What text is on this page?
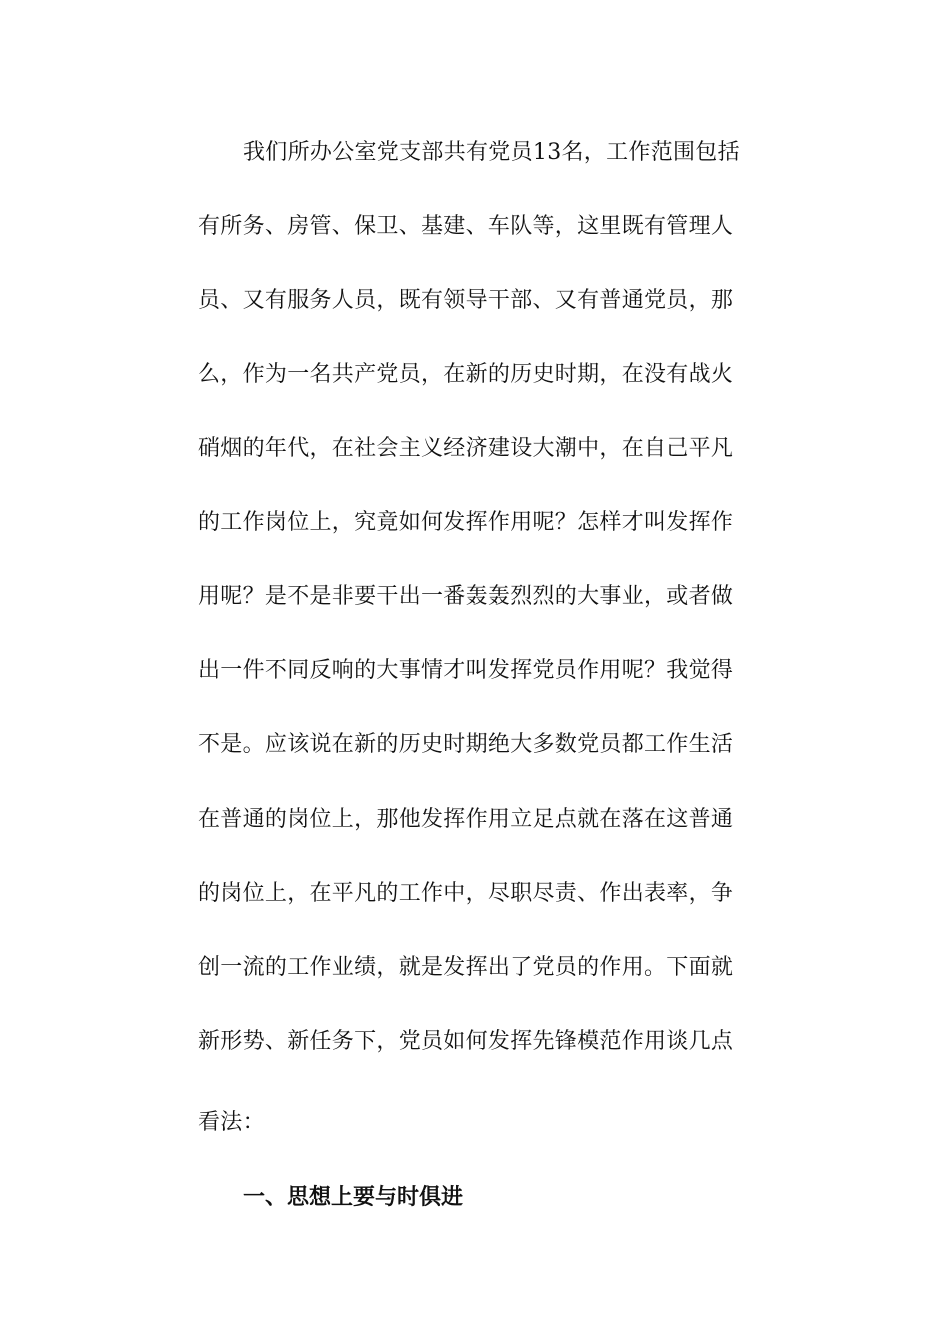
我们所办公室党支部共有党员13名，工作范围包括
有所务、房管、保卫、基建、车队等，这里既有管理人
员、又有服务人员，既有领导干部、又有普通党员，那
么，作为一名共产党员，在新的历史时期，在没有战火
硝烟的年代，在社会主义经济建设大潮中，在自己平凡
的工作岗位上，究竟如何发挥作用呢？怎样才叫发挥作
用呢？是不是非要干出一番轰轰烈烈的大事业，或者做
出一件不同反响的大事情才叫发挥党员作用呢？我觉得
不是。应该说在新的历史时期绝大多数党员都工作生活
在普通的岗位上，那他发挥作用立足点就在落在这普通
的岗位上，在平凡的工作中，尽职尽责、作出表率，争
创一流的工作业绩，就是发挥出了党员的作用。下面就
新形势、新任务下，党员如何发挥先锋模范作用谈几点
看法：
一、思想上要与时俱进
